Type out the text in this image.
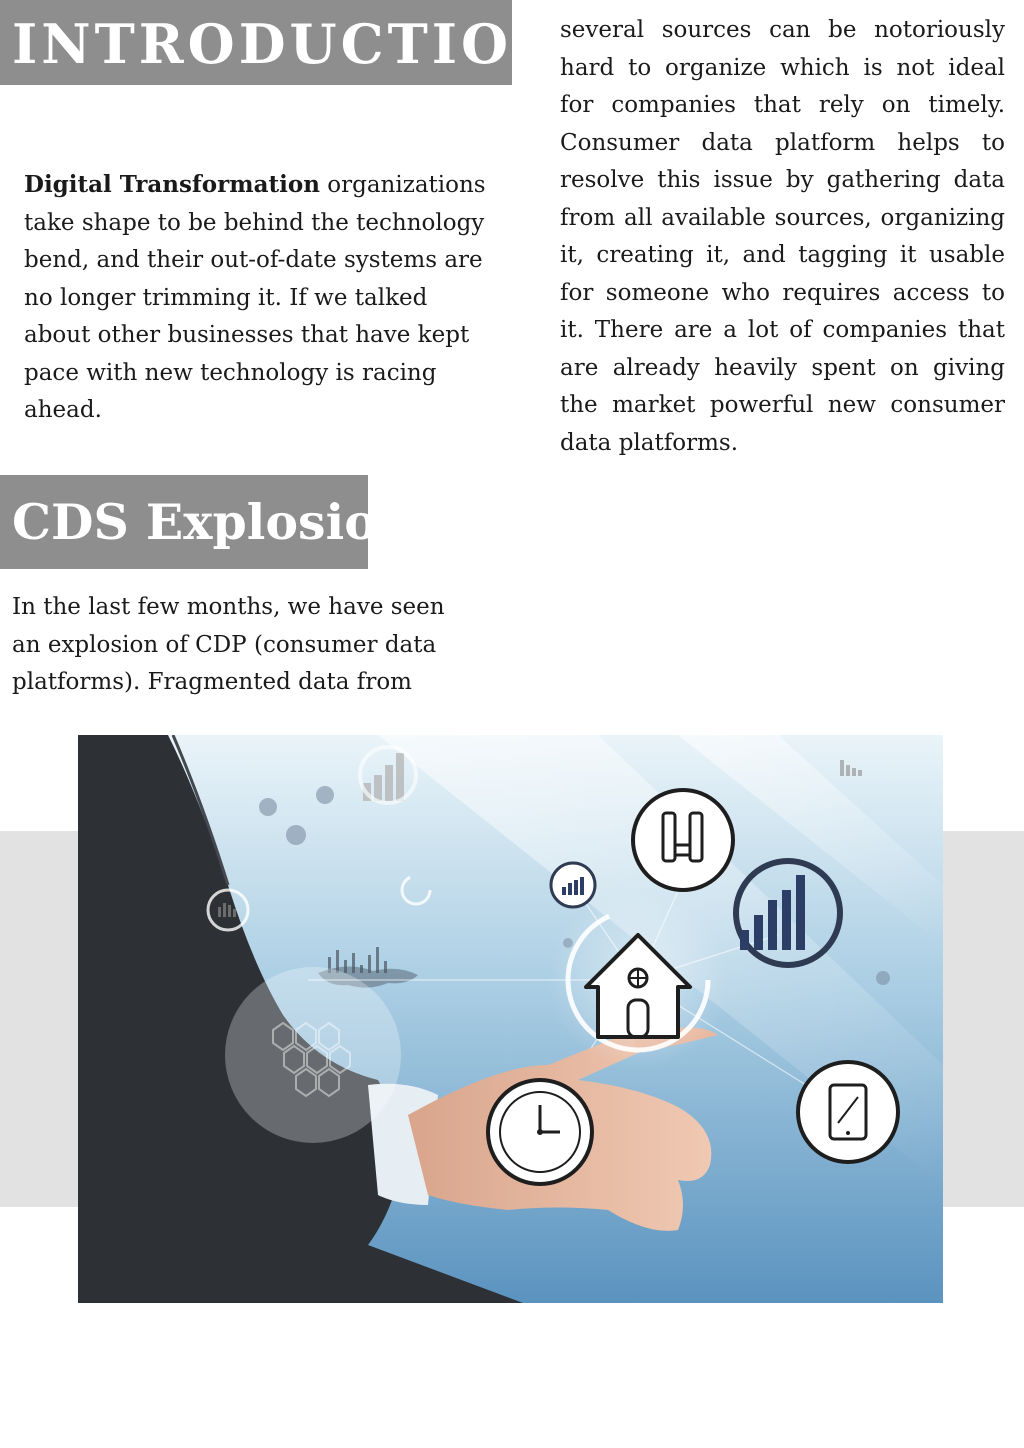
INTRODUCTION
CDS Explosion

Digital Transformation organizations take shape to be behind the technology bend, and their out-of-date systems are no longer trimming it. If we talked about other businesses that have kept pace with new technology is racing ahead.

In the last few months, we have seen an explosion of CDP (consumer data platforms). Fragmented data from

several sources can be notoriously hard to organize which is not ideal for companies that rely on timely. Consumer data platform helps to resolve this issue by gathering data from all available sources, organizing it, creating it, and tagging it usable for someone who requires access to it. There are a lot of companies that are already heavily spent on giving the market powerful new consumer data platforms.
